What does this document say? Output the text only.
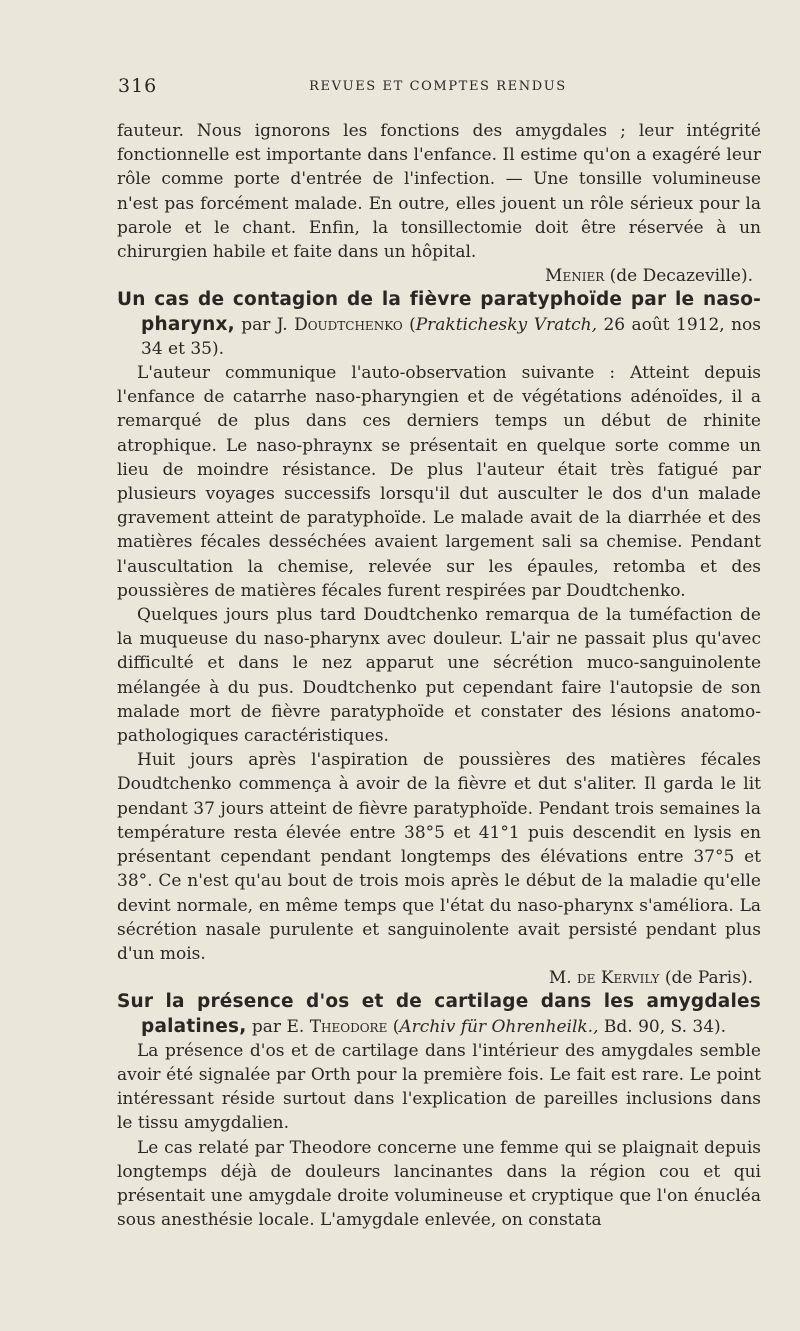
316	REVUES ET COMPTES RENDUS

fauteur. Nous ignorons les fonctions des amygdales ; leur intégrité fonctionnelle est importante dans l'enfance. Il estime qu'on a exagéré leur rôle comme porte d'entrée de l'infection. — Une tonsille volumineuse n'est pas forcément malade. En outre, elles jouent un rôle sérieux pour la parole et le chant. Enfin, la tonsillectomie doit être réservée à un chirurgien habile et faite dans un hôpital.

Menier (de Decazeville).

Un cas de contagion de la fièvre paratyphoïde par le naso-pharynx, par J. Doudtchenko (Prakticheskу Vratch, 26 août 1912, nos 34 et 35).

L'auteur communique l'auto-observation suivante : Atteint depuis l'enfance de catarrhe naso-pharyngien et de végétations adénoïdes, il a remarqué de plus dans ces derniers temps un début de rhinite atrophique. Le naso-phraynx se présentait en quelque sorte comme un lieu de moindre résistance. De plus l'auteur était très fatigué par plusieurs voyages successifs lorsqu'il dut ausculter le dos d'un malade gravement atteint de paratyphoïde. Le malade avait de la diarrhée et des matières fécales desséchées avaient largement sali sa chemise. Pendant l'auscultation la chemise, relevée sur les épaules, retomba et des poussières de matières fécales furent respirées par Doudtchenko.

Quelques jours plus tard Doudtchenko remarqua de la tuméfaction de la muqueuse du naso-pharynx avec douleur. L'air ne passait plus qu'avec difficulté et dans le nez apparut une sécrétion muco-sanguinolente mélangée à du pus. Doudtchenko put cependant faire l'autopsie de son malade mort de fièvre paratyphoïde et constater des lésions anatomo-pathologiques caractéristiques.

Huit jours après l'aspiration de poussières des matières fécales Doudtchenko commença à avoir de la fièvre et dut s'aliter. Il garda le lit pendant 37 jours atteint de fièvre paratyphoïde. Pendant trois semaines la température resta élevée entre 38°5 et 41°1 puis descendit en lysis en présentant cependant pendant longtemps des élévations entre 37°5 et 38°. Ce n'est qu'au bout de trois mois après le début de la maladie qu'elle devint normale, en même temps que l'état du naso-pharynx s'améliora. La sécrétion nasale purulente et sanguinolente avait persisté pendant plus d'un mois.

M. de Kervily (de Paris).

Sur la présence d'os et de cartilage dans les amygdales palatines, par E. Theodore (Archiv für Ohrenheilk., Bd. 90, S. 34).

La présence d'os et de cartilage dans l'intérieur des amygdales semble avoir été signalée par Orth pour la première fois. Le fait est rare. Le point intéressant réside surtout dans l'explication de pareilles inclusions dans le tissu amygdalien.

Le cas relaté par Theodore concerne une femme qui se plaignait depuis longtemps déjà de douleurs lancinantes dans la région cou et qui présentait une amygdale droite volumineuse et cryptique que l'on énucléa sous anesthésie locale. L'amygdale enlevée, on constata
